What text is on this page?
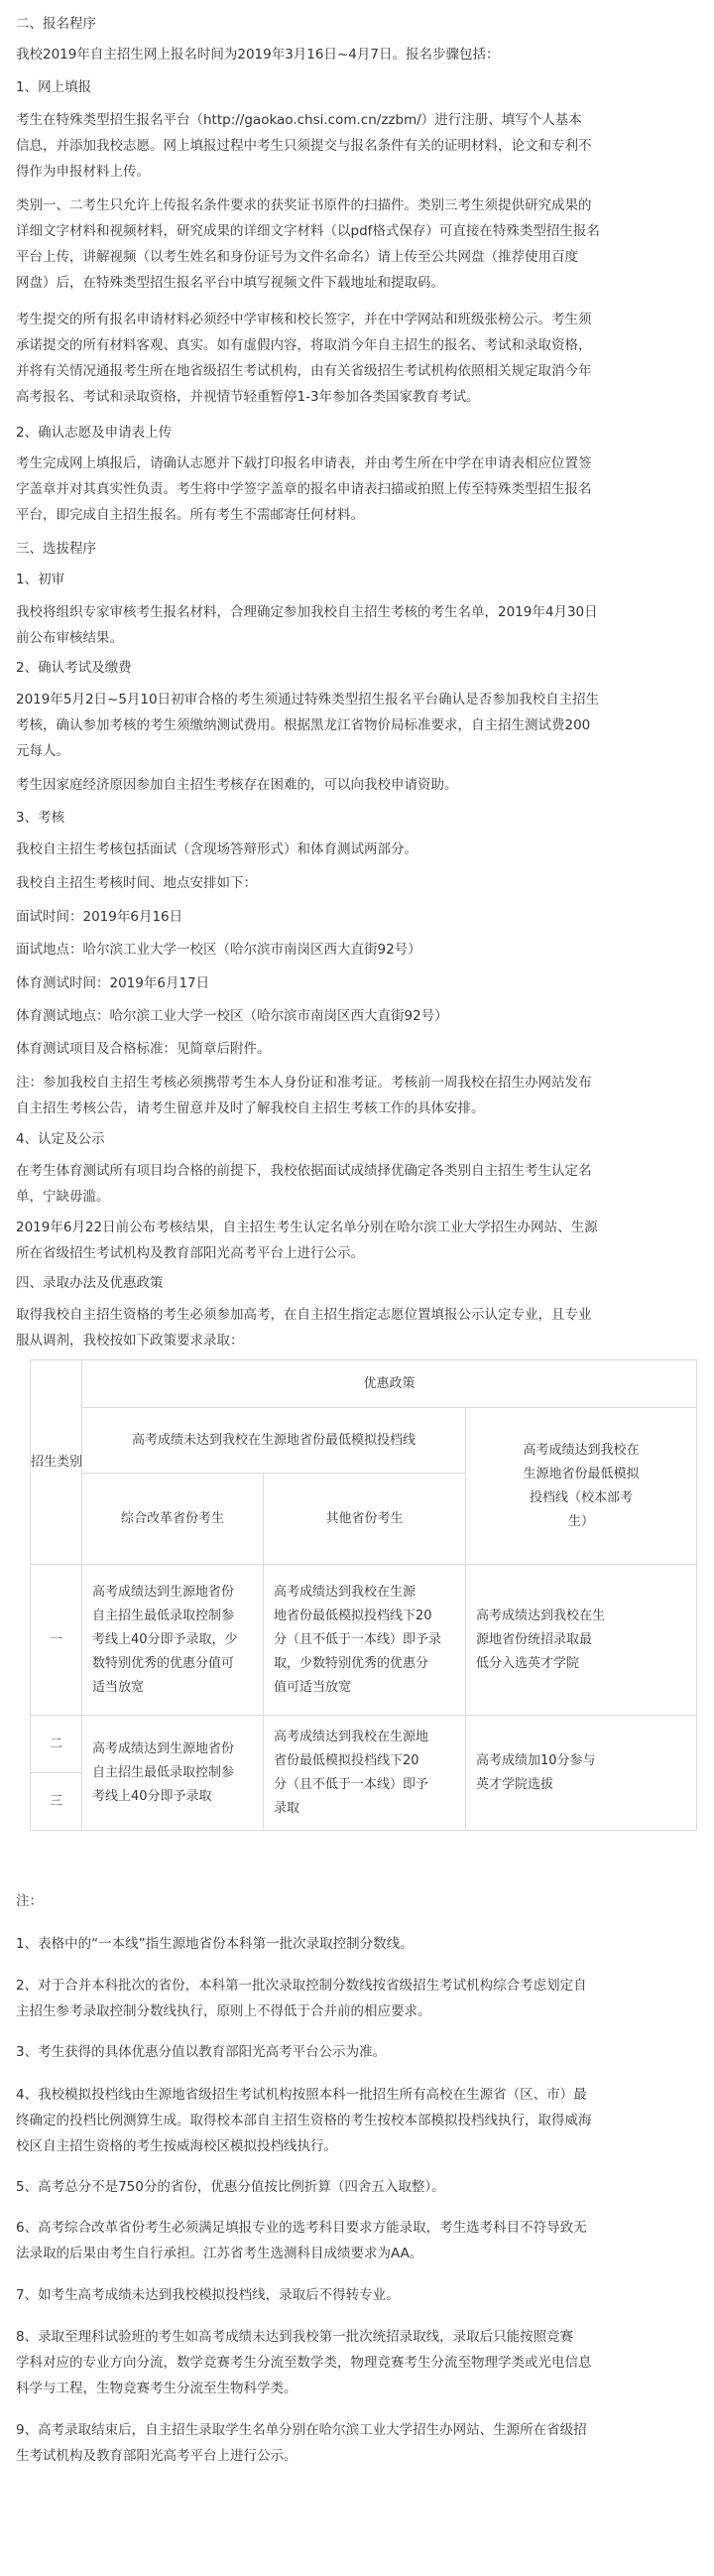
二、报名程序
我校2019年自主招生网上报名时间为2019年3月16日~4月7日。报名步骤包括：
1、网上填报
考生在特殊类型招生报名平台（http://gaokao.chsi.com.cn/zzbm/）进行注册、填写个人基本
信息，并添加我校志愿。网上填报过程中考生只须提交与报名条件有关的证明材料，论文和专利不
得作为申报材料上传。
类别一、二考生只允许上传报名条件要求的获奖证书原件的扫描件。类别三考生须提供研究成果的
详细文字材料和视频材料，研究成果的详细文字材料（以pdf格式保存）可直接在特殊类型招生报名
平台上传，讲解视频（以考生姓名和身份证号为文件名命名）请上传至公共网盘（推荐使用百度
网盘）后，在特殊类型招生报名平台中填写视频文件下载地址和提取码。
考生提交的所有报名申请材料必须经中学审核和校长签字，并在中学网站和班级张榜公示。考生须
承诺提交的所有材料客观、真实。如有虚假内容，将取消今年自主招生的报名、考试和录取资格，
并将有关情况通报考生所在地省级招生考试机构，由有关省级招生考试机构依照相关规定取消今年
高考报名、考试和录取资格，并视情节轻重暂停1-3年参加各类国家教育考试。
2、确认志愿及申请表上传
考生完成网上填报后，请确认志愿并下载打印报名申请表，并由考生所在中学在申请表相应位置签
字盖章并对其真实性负责。考生将中学签字盖章的报名申请表扫描或拍照上传至特殊类型招生报名
平台，即完成自主招生报名。所有考生不需邮寄任何材料。
三、选拔程序
1、初审
我校将组织专家审核考生报名材料，合理确定参加我校自主招生考核的考生名单，2019年4月30日
前公布审核结果。
2、确认考试及缴费
2019年5月2日~5月10日初审合格的考生须通过特殊类型招生报名平台确认是否参加我校自主招生
考核，确认参加考核的考生须缴纳测试费用。根据黑龙江省物价局标准要求，自主招生测试费200
元每人。
考生因家庭经济原因参加自主招生考核存在困难的，可以向我校申请资助。
3、考核
我校自主招生考核包括面试（含现场答辩形式）和体育测试两部分。
我校自主招生考核时间、地点安排如下：
面试时间：2019年6月16日
面试地点：哈尔滨工业大学一校区（哈尔滨市南岗区西大直街92号）
体育测试时间：2019年6月17日
体育测试地点：哈尔滨工业大学一校区（哈尔滨市南岗区西大直街92号）
体育测试项目及合格标准：见简章后附件。
注：参加我校自主招生考核必须携带考生本人身份证和准考证。考核前一周我校在招生办网站发布
自主招生考核公告，请考生留意并及时了解我校自主招生考核工作的具体安排。
4、认定及公示
在考生体育测试所有项目均合格的前提下，我校依据面试成绩择优确定各类别自主招生考生认定名
单，宁缺毋滥。
2019年6月22日前公布考核结果，自主招生考生认定名单分别在哈尔滨工业大学招生办网站、生源
所在省级招生考试机构及教育部阳光高考平台上进行公示。
四、录取办法及优惠政策
取得我校自主招生资格的考生必须参加高考，在自主招生指定志愿位置填报公示认定专业，且专业
服从调剂，我校按如下政策要求录取：
招生类别	优惠政策		

	高考成绩未达到我校在生源地省份最低模拟投档线		高考成绩达到我校在
生源地省份最低模拟
投档线（校本部考
生）

	综合改革省份考生	其他省份考生	

一	高考成绩达到生源地省份
自主招生最低录取控制参
考线上40分即予录取，少
数特别优秀的优惠分值可
适当放宽	高考成绩达到我校在生源
地省份最低模拟投档线下20
分（且不低于一本线）即予录
取，少数特别优秀的优惠分
值可适当放宽	高考成绩达到我校在生
源地省份统招录取最
低分入选英才学院

二	高考成绩达到生源地省份
自主招生最低录取控制参
考线上40分即予录取	高考成绩达到我校在生源地
省份最低模拟投档线下20
分（且不低于一本线）即予
录取	高考成绩加10分参与
英才学院选拔

三			
注：
1、表格中的“一本线”指生源地省份本科第一批次录取控制分数线。
2、对于合并本科批次的省份，本科第一批次录取控制分数线按省级招生考试机构综合考虑划定自
主招生参考录取控制分数线执行，原则上不得低于合并前的相应要求。
3、考生获得的具体优惠分值以教育部阳光高考平台公示为准。
4、我校模拟投档线由生源地省级招生考试机构按照本科一批招生所有高校在生源省（区、市）最
终确定的投档比例测算生成。取得校本部自主招生资格的考生按校本部模拟投档线执行，取得威海
校区自主招生资格的考生按威海校区模拟投档线执行。
5、高考总分不是750分的省份，优惠分值按比例折算（四舍五入取整）。
6、高考综合改革省份考生必须满足填报专业的选考科目要求方能录取，考生选考科目不符导致无
法录取的后果由考生自行承担。江苏省考生选测科目成绩要求为AA。
7、如考生高考成绩未达到我校模拟投档线，录取后不得转专业。
8、录取至理科试验班的考生如高考成绩未达到我校第一批次统招录取线，录取后只能按照竞赛
学科对应的专业方向分流，数学竞赛考生分流至数学类，物理竞赛考生分流至物理学类或光电信息
科学与工程，生物竞赛考生分流至生物科学类。
9、高考录取结束后，自主招生录取学生名单分别在哈尔滨工业大学招生办网站、生源所在省级招
生考试机构及教育部阳光高考平台上进行公示。
